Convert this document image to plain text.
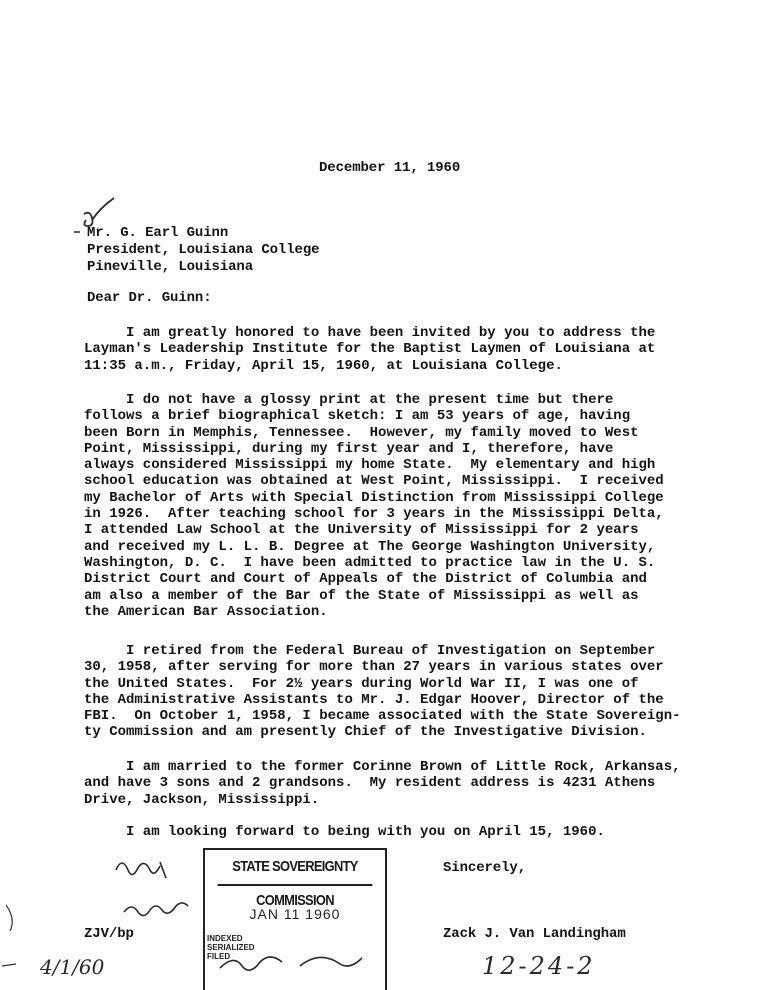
December 11, 1960
Mr. G. Earl Guinn
President, Louisiana College
Pineville, Louisiana
Dear Dr. Guinn:
I am greatly honored to have been invited by you to address the
Layman's Leadership Institute for the Baptist Laymen of Louisiana at
11:35 a.m., Friday, April 15, 1960, at Louisiana College.
I do not have a glossy print at the present time but there
follows a brief biographical sketch: I am 53 years of age, having
been Born in Memphis, Tennessee.  However, my family moved to West
Point, Mississippi, during my first year and I, therefore, have
always considered Mississippi my home State.  My elementary and high
school education was obtained at West Point, Mississippi.  I received
my Bachelor of Arts with Special Distinction from Mississippi College
in 1926.  After teaching school for 3 years in the Mississippi Delta,
I attended Law School at the University of Mississippi for 2 years
and received my L. L. B. Degree at The George Washington University,
Washington, D. C.  I have been admitted to practice law in the U. S.
District Court and Court of Appeals of the District of Columbia and
am also a member of the Bar of the State of Mississippi as well as
the American Bar Association.
I retired from the Federal Bureau of Investigation on September
30, 1958, after serving for more than 27 years in various states over
the United States.  For 2½ years during World War II, I was one of
the Administrative Assistants to Mr. J. Edgar Hoover, Director of the
FBI.  On October 1, 1958, I became associated with the State Sovereign-
ty Commission and am presently Chief of the Investigative Division.
I am married to the former Corinne Brown of Little Rock, Arkansas,
and have 3 sons and 2 grandsons.  My resident address is 4231 Athens
Drive, Jackson, Mississippi.
I am looking forward to being with you on April 15, 1960.
Sincerely,
Zack J. Van Landingham
ZJV/bp
STATE SOVEREIGNTY COMMISSION
JAN 11 1960
INDEXED
SERIALIZED
FILED	12-24-2
4/1/60
